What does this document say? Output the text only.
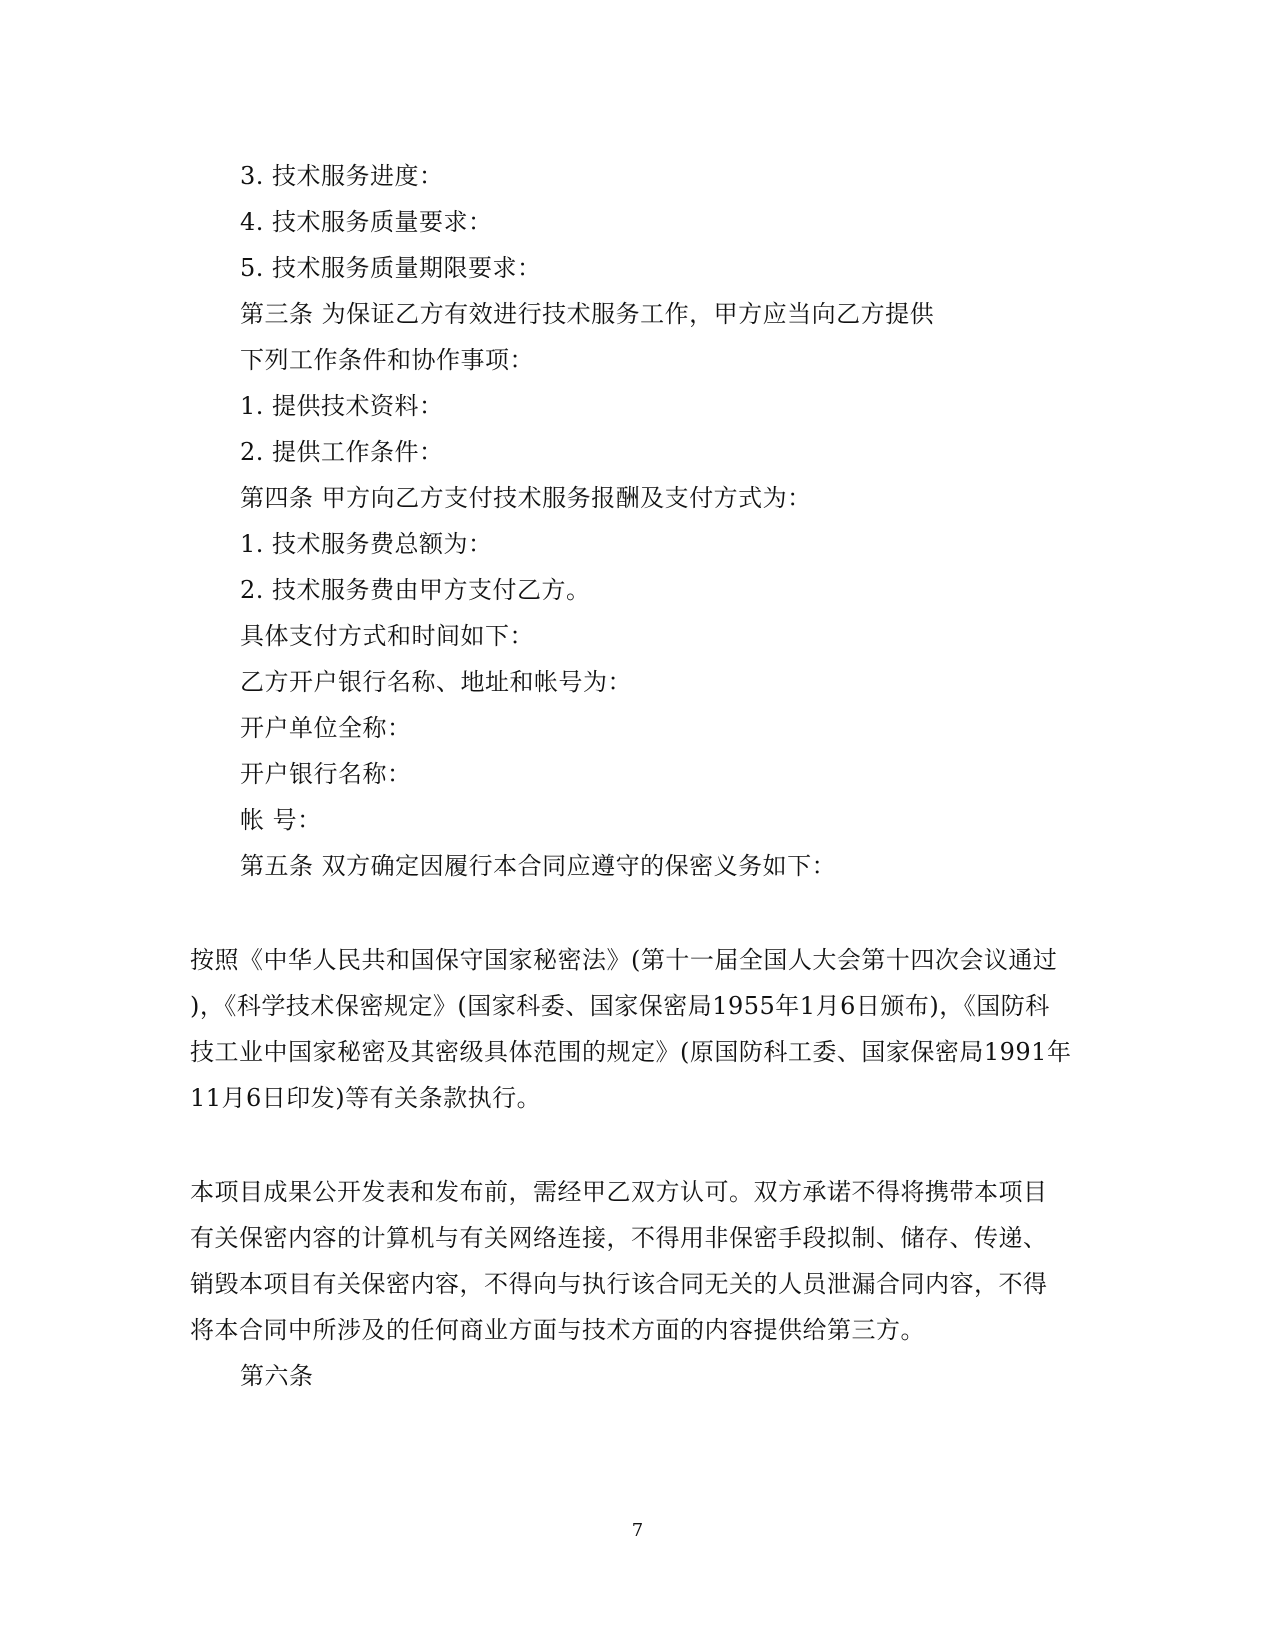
3. 技术服务进度：
4. 技术服务质量要求：
5. 技术服务质量期限要求：
第三条 为保证乙方有效进行技术服务工作，甲方应当向乙方提供
下列工作条件和协作事项：
1. 提供技术资料：
2. 提供工作条件：
第四条 甲方向乙方支付技术服务报酬及支付方式为：
1. 技术服务费总额为：
2. 技术服务费由甲方支付乙方。
具体支付方式和时间如下：
乙方开户银行名称、地址和帐号为：
开户单位全称：
开户银行名称：
帐 号：
第五条 双方确定因履行本合同应遵守的保密义务如下：
按照《中华人民共和国保守国家秘密法》(第十一届全国人大会第十四次会议通过
)，《科学技术保密规定》(国家科委、国家保密局1955年1月6日颁布)，《国防科
技工业中国家秘密及其密级具体范围的规定》(原国防科工委、国家保密局1991年
11月6日印发)等有关条款执行。
本项目成果公开发表和发布前，需经甲乙双方认可。双方承诺不得将携带本项目
有关保密内容的计算机与有关网络连接，不得用非保密手段拟制、储存、传递、
销毁本项目有关保密内容，不得向与执行该合同无关的人员泄漏合同内容，不得
将本合同中所涉及的任何商业方面与技术方面的内容提供给第三方。
第六条
7
